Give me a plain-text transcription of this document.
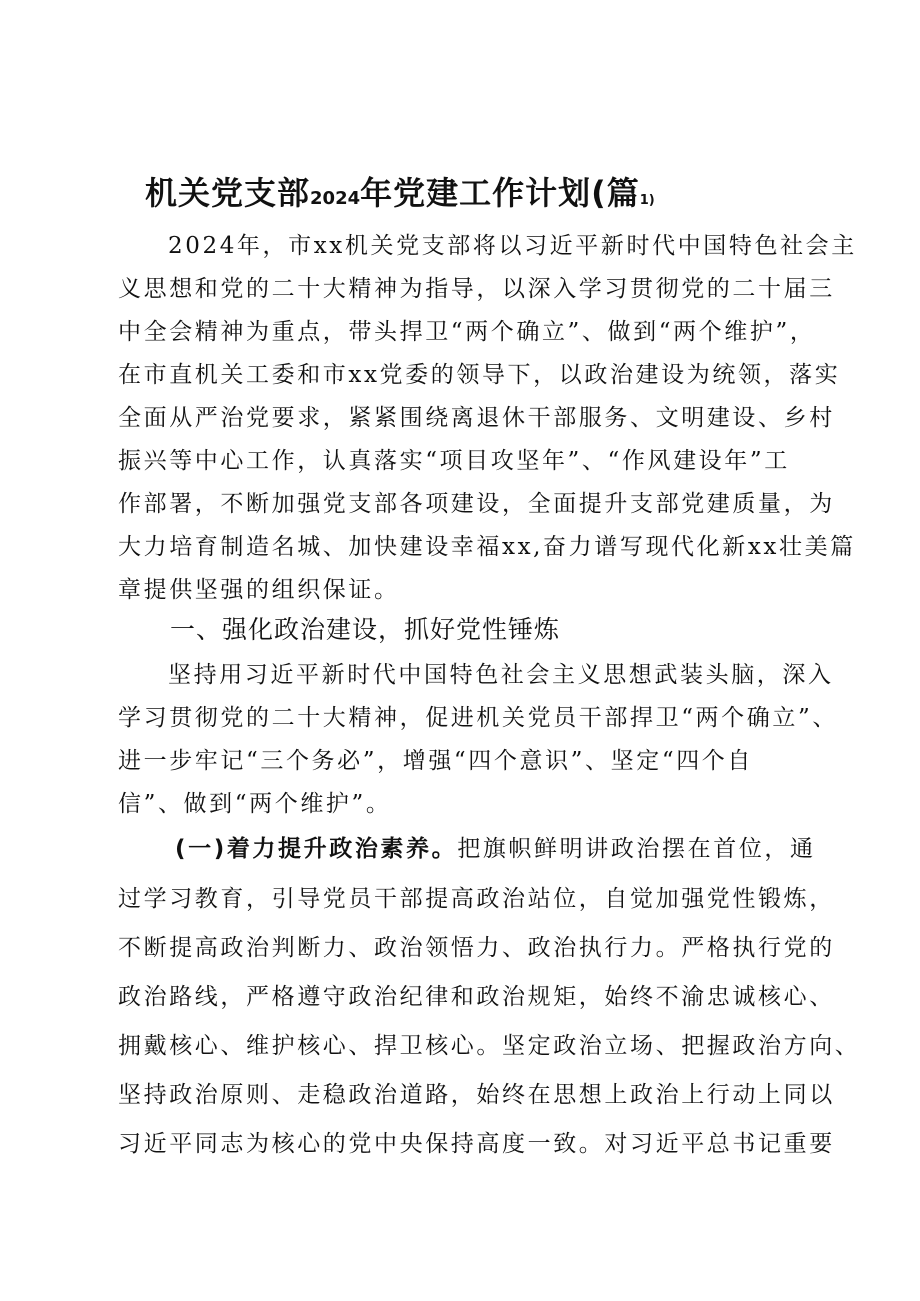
机关党支部2024年党建工作计划(篇1)
2024年，市xx机关党支部将以习近平新时代中国特色社会主
义思想和党的二十大精神为指导，以深入学习贯彻党的二十届三
中全会精神为重点，带头捍卫“两个确立”、做到“两个维护”，
在市直机关工委和市xx党委的领导下，以政治建设为统领，落实
全面从严治党要求，紧紧围绕离退休干部服务、文明建设、乡村
振兴等中心工作，认真落实“项目攻坚年”、“作风建设年”工
作部署，不断加强党支部各项建设，全面提升支部党建质量，为
大力培育制造名城、加快建设幸福xx,奋力谱写现代化新xx壮美篇
章提供坚强的组织保证。
一、强化政治建设，抓好党性锤炼
坚持用习近平新时代中国特色社会主义思想武装头脑，深入
学习贯彻党的二十大精神，促进机关党员干部捍卫“两个确立”、
进一步牢记“三个务必”，增强“四个意识”、坚定“四个自
信”、做到“两个维护”。
(一)着力提升政治素养。把旗帜鲜明讲政治摆在首位，通
过学习教育，引导党员干部提高政治站位，自觉加强党性锻炼，
不断提高政治判断力、政治领悟力、政治执行力。严格执行党的
政治路线，严格遵守政治纪律和政治规矩，始终不渝忠诚核心、
拥戴核心、维护核心、捍卫核心。坚定政治立场、把握政治方向、
坚持政治原则、走稳政治道路，始终在思想上政治上行动上同以
习近平同志为核心的党中央保持高度一致。对习近平总书记重要
